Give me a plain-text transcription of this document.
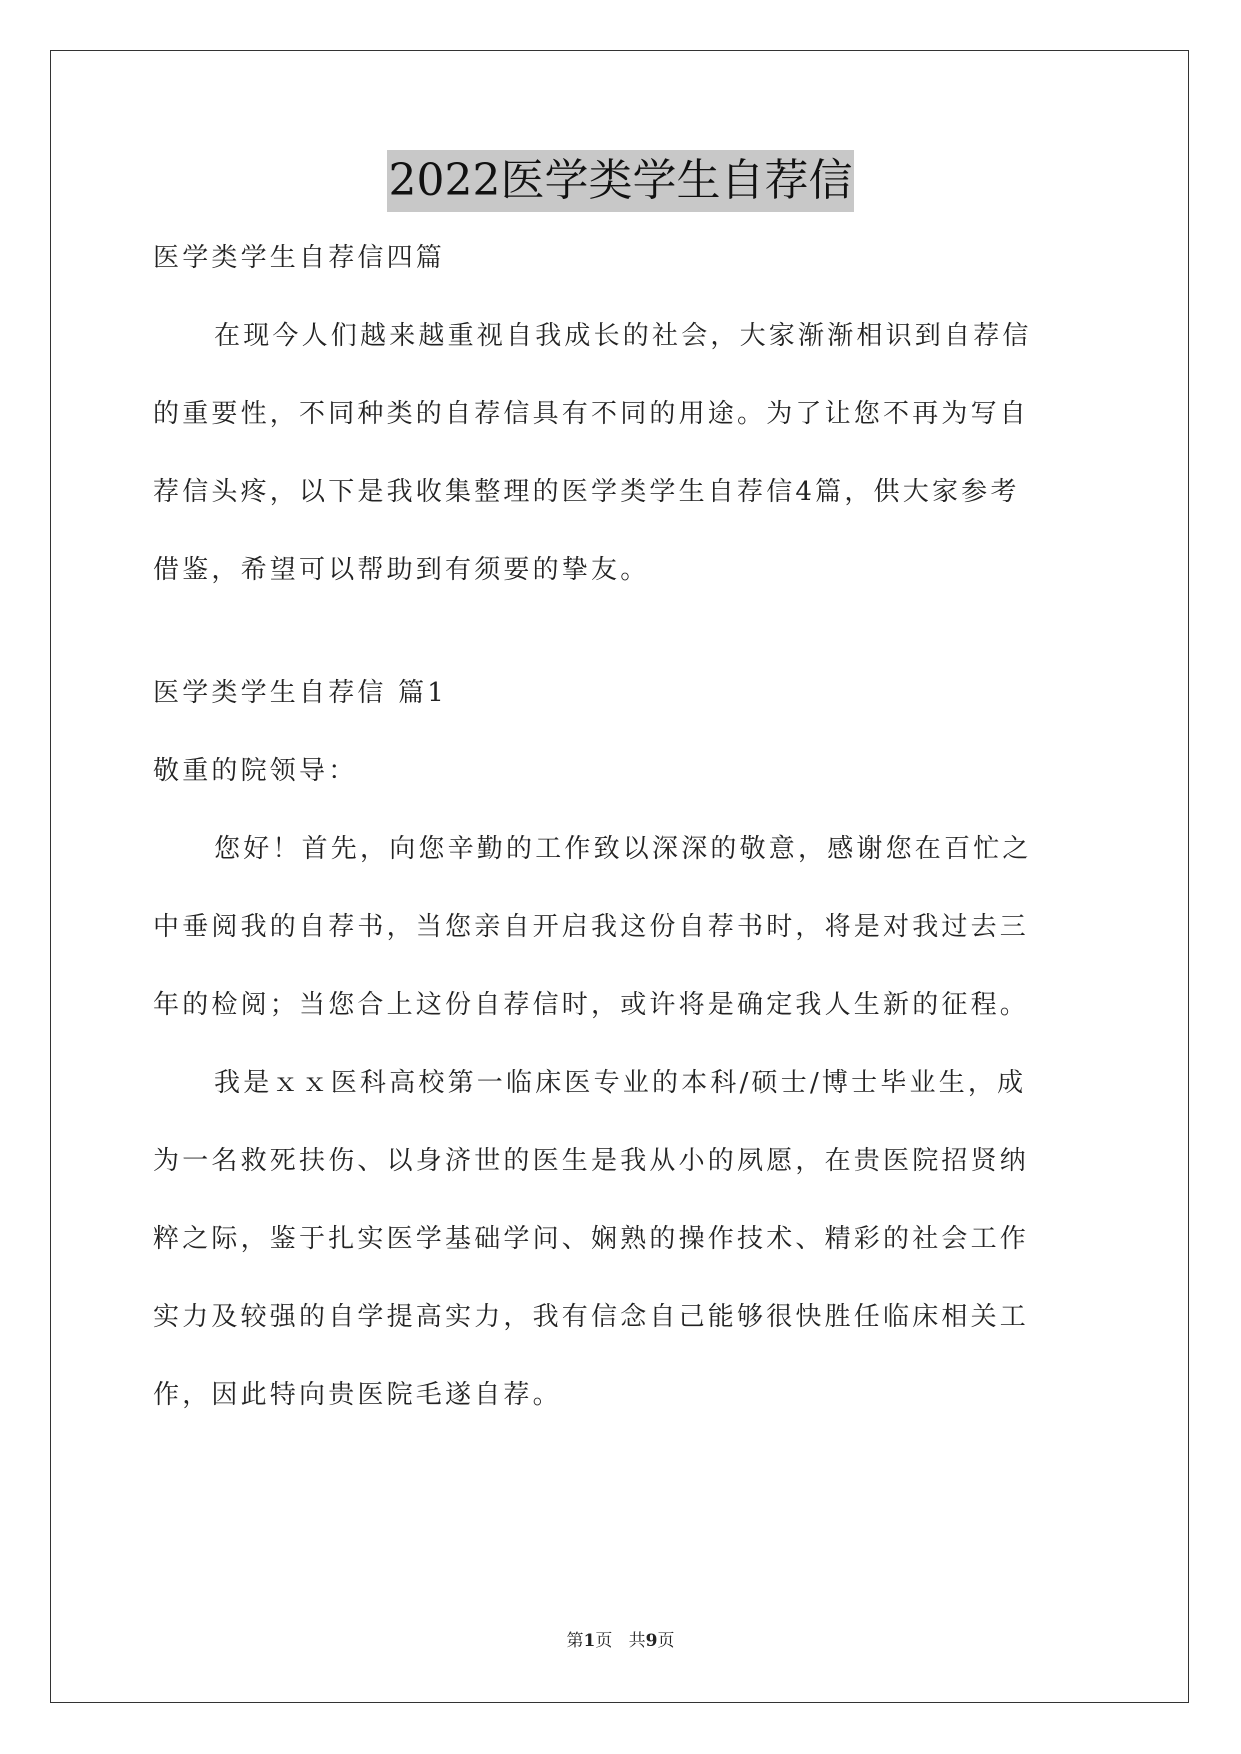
2022医学类学生自荐信
医学类学生自荐信四篇
在现今人们越来越重视自我成长的社会，大家渐渐相识到自荐信
的重要性，不同种类的自荐信具有不同的用途。为了让您不再为写自
荐信头疼，以下是我收集整理的医学类学生自荐信4篇，供大家参考
借鉴，希望可以帮助到有须要的挚友。
医学类学生自荐信 篇1
敬重的院领导：
您好！首先，向您辛勤的工作致以深深的敬意，感谢您在百忙之
中垂阅我的自荐书，当您亲自开启我这份自荐书时，将是对我过去三
年的检阅；当您合上这份自荐信时，或许将是确定我人生新的征程。
我是ｘｘ医科高校第一临床医专业的本科/硕士/博士毕业生，成
为一名救死扶伤、以身济世的医生是我从小的夙愿，在贵医院招贤纳
粹之际，鉴于扎实医学基础学问、娴熟的操作技术、精彩的社会工作
实力及较强的自学提高实力，我有信念自己能够很快胜任临床相关工
作，因此特向贵医院毛遂自荐。
第1页 共9页
